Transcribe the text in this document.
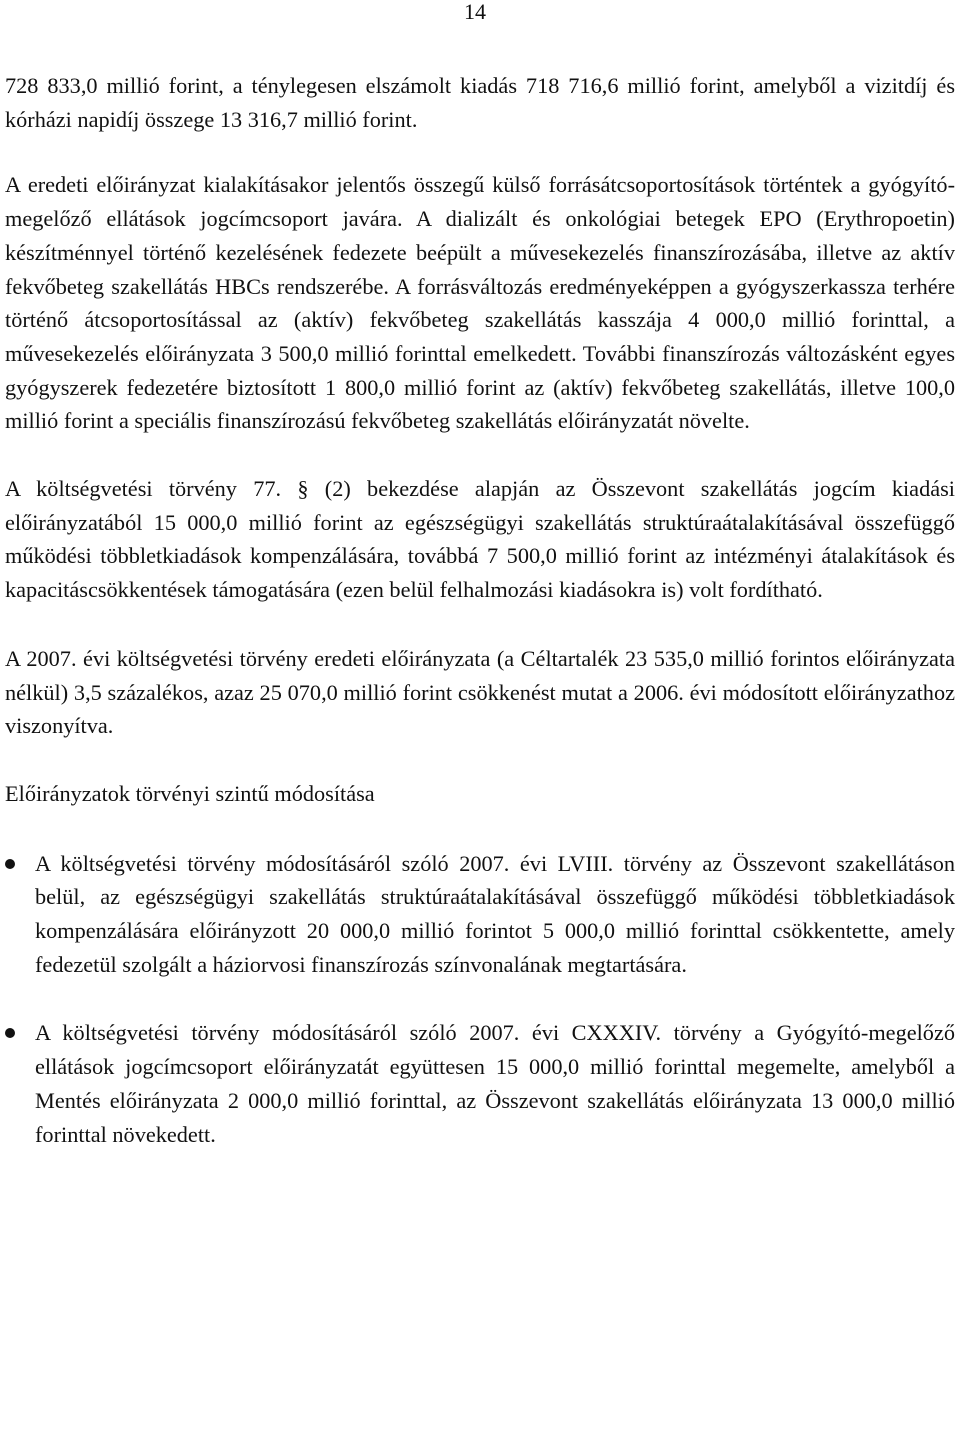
14

728 833,0 millió forint, a ténylegesen elszámolt kiadás 718 716,6 millió forint, amelyből a vizitdíj és kórházi napidíj összege 13 316,7 millió forint.

A eredeti előirányzat kialakításakor jelentős összegű külső forrásátcsoportosítások történtek a gyógyító-megelőző ellátások jogcímcsoport javára. A dializált és onkológiai betegek EPO (Erythropoetin) készítménnyel történő kezelésének fedezete beépült a művesekezelés finanszírozásába, illetve az aktív fekvőbeteg szakellátás HBCs rendszerébe. A forrásváltozás eredményeképpen a gyógyszerkassza terhére történő átcsoportosítással az (aktív) fekvőbeteg szakellátás kasszája 4 000,0 millió forinttal, a művesekezelés előirányzata 3 500,0 millió forinttal emelkedett. További finanszírozás változásként egyes gyógyszerek fedezetére biztosított 1 800,0 millió forint az (aktív) fekvőbeteg szakellátás, illetve 100,0 millió forint a speciális finanszírozású fekvőbeteg szakellátás előirányzatát növelte.

A költségvetési törvény 77. § (2) bekezdése alapján az Összevont szakellátás jogcím kiadási előirányzatából 15 000,0 millió forint az egészségügyi szakellátás struktúraátalakításával összefüggő működési többletkiadások kompenzálására, továbbá 7 500,0 millió forint az intézményi átalakítások és kapacitáscsökkentések támogatására (ezen belül felhalmozási kiadásokra is) volt fordítható.

A 2007. évi költségvetési törvény eredeti előirányzata (a Céltartalék 23 535,0 millió forintos előirányzata nélkül) 3,5 százalékos, azaz 25 070,0 millió forint csökkenést mutat a 2006. évi módosított előirányzathoz viszonyítva.

Előirányzatok törvényi szintű módosítása

A költségvetési törvény módosításáról szóló 2007. évi LVIII. törvény az Összevont szakellátáson belül, az egészségügyi szakellátás struktúraátalakításával összefüggő működési többletkiadások kompenzálására előirányzott 20 000,0 millió forintot 5 000,0 millió forinttal csökkentette, amely fedezetül szolgált a háziorvosi finanszírozás színvonalának megtartására.

A költségvetési törvény módosításáról szóló 2007. évi CXXXIV. törvény a Gyógyító-megelőző ellátások jogcímcsoport előirányzatát együttesen 15 000,0 millió forinttal megemelte, amelyből a Mentés előirányzata 2 000,0 millió forinttal, az Összevont szakellátás előirányzata 13 000,0 millió forinttal növekedett.
